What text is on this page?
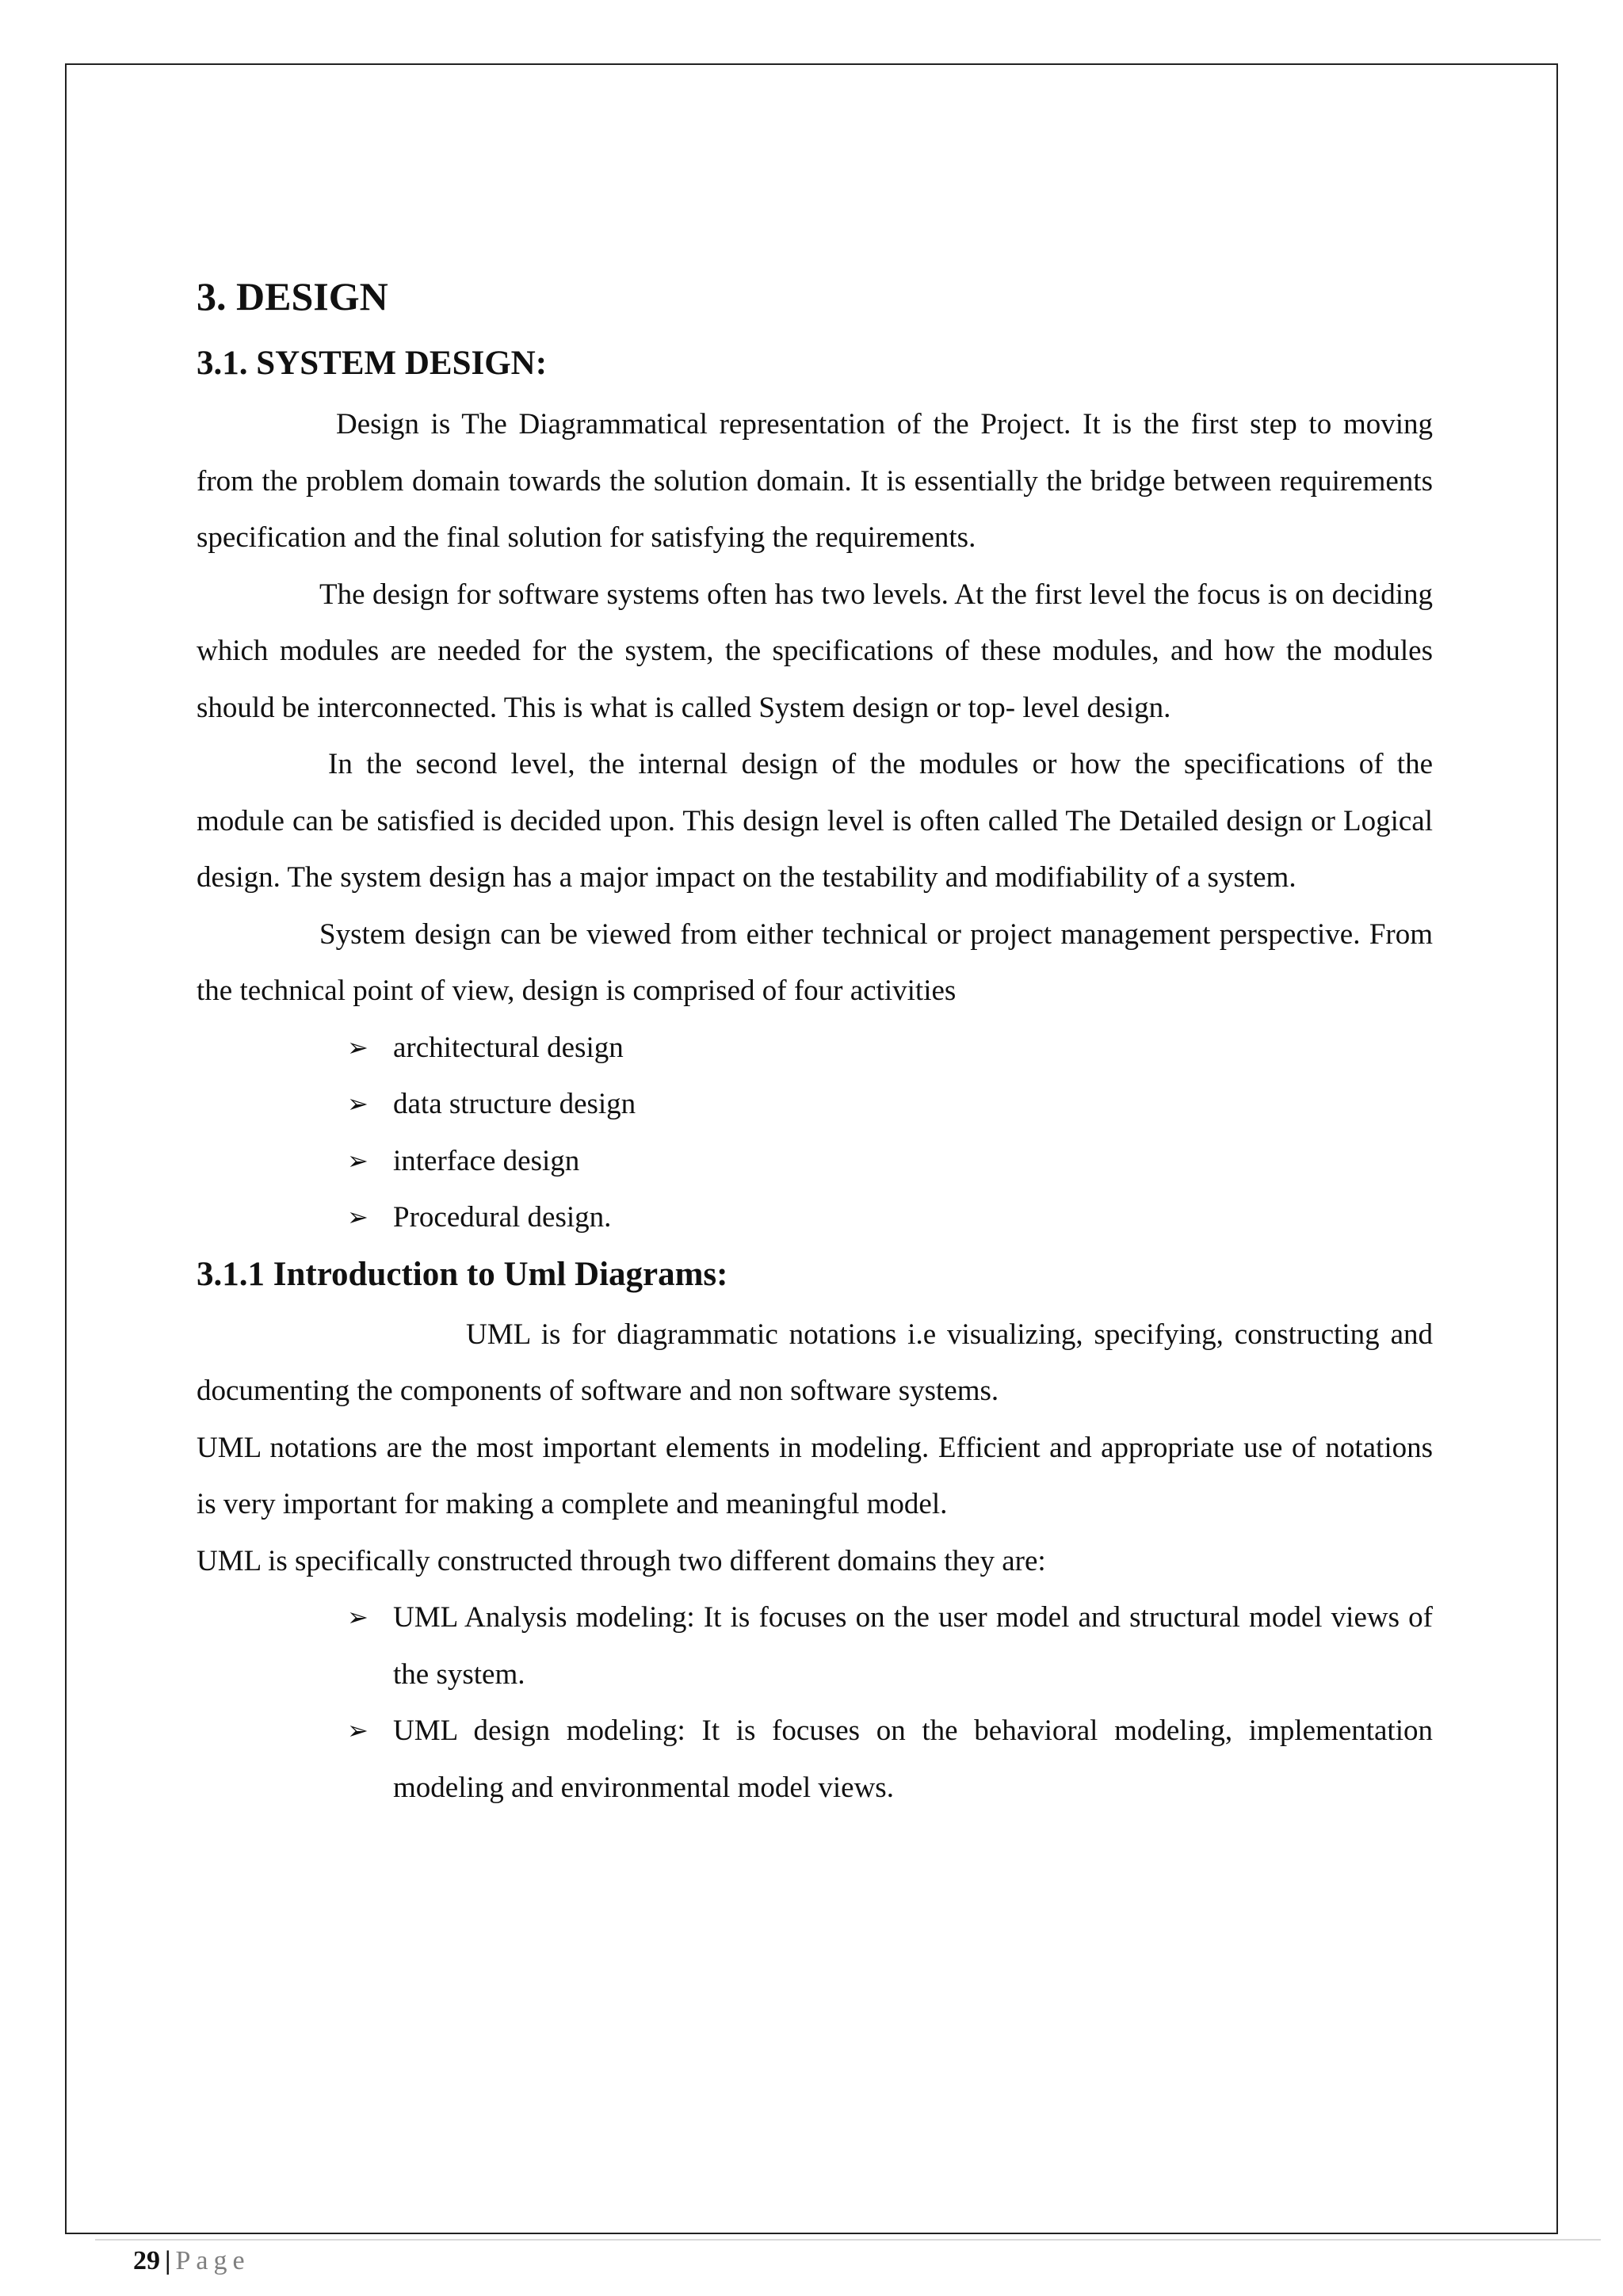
3. DESIGN
3.1. SYSTEM DESIGN:

Design is The Diagrammatical representation of the Project. It is the first step to moving from the problem domain towards the solution domain. It is essentially the bridge between requirements specification and the final solution for satisfying the requirements.

The design for software systems often has two levels. At the first level the focus is on deciding which modules are needed for the system, the specifications of these modules, and how the modules should be interconnected. This is what is called System design or top- level design.

In the second level, the internal design of the modules or how the specifications of the module can be satisfied is decided upon. This design level is often called The Detailed design or Logical design. The system design has a major impact on the testability and modifiability of a system.

System design can be viewed from either technical or project management perspective. From the technical point of view, design is comprised of four activities

➢ architectural design
➢ data structure design
➢ interface design
➢ Procedural design.
3.1.1 Introduction to Uml Diagrams:

UML is for diagrammatic notations i.e visualizing, specifying, constructing and documenting the components of software and non software systems.

UML notations are the most important elements in modeling. Efficient and appropriate use of notations is very important for making a complete and meaningful model.

UML is specifically constructed through two different domains they are:

➢ UML Analysis modeling: It is focuses on the user model and structural model views of the system.
➢ UML design modeling: It is focuses on the behavioral modeling, implementation modeling and environmental model views.
29 | Page
